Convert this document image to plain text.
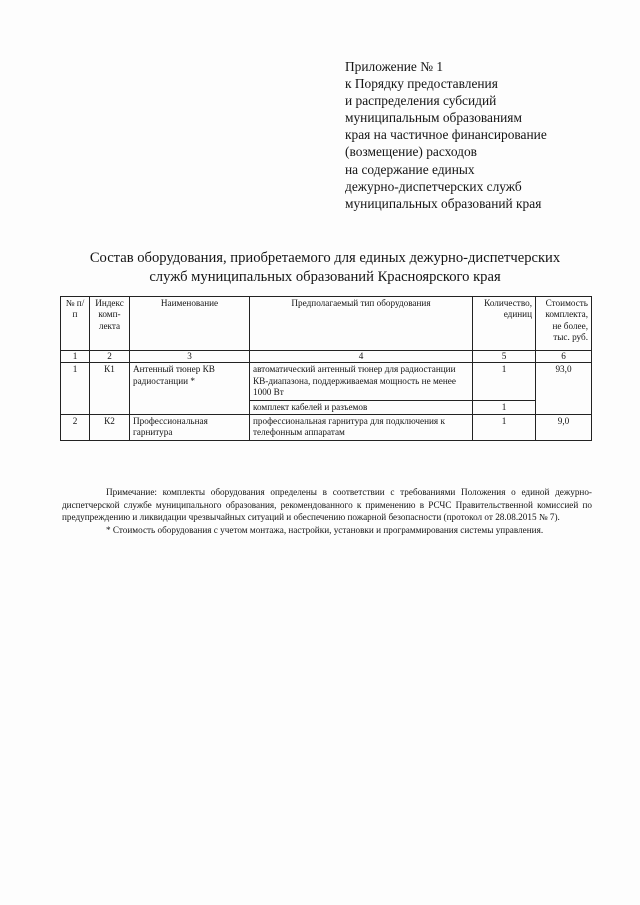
Приложение № 1
к Порядку предоставления
и распределения субсидий
муниципальным образованиям
края на частичное финансирование
(возмещение) расходов
на содержание единых
дежурно-диспетчерских служб
муниципальных образований края
Состав оборудования, приобретаемого для единых дежурно-диспетчерских
служб муниципальных образований Красноярского края
№ п/п	Индекс комп-лекта	Наименование	Предполагаемый тип оборудования	Количество, единиц	Стоимость комплекта, не более, тыс. руб.
1	2	3	4	5	6
1	К1	Антенный тюнер КВ радиостанции *	автоматический антенный тюнер для радиостанции КВ-диапазона, поддерживаемая мощность не менее 1000 Вт	1	93,0
			комплект кабелей и разъемов	1	
2	К2	Профессиональная гарнитура	профессиональная гарнитура для подключения к телефонным аппаратам	1	9,0

Примечание: комплекты оборудования определены в соответствии с требованиями Положения о единой дежурно-диспетчерской службе муниципального образования, рекомендованного к применению в РСЧС Правительственной комиссией по предупреждению и ликвидации чрезвычайных ситуаций и обеспечению пожарной безопасности (протокол от 28.08.2015 № 7).

* Стоимость оборудования с учетом монтажа, настройки, установки и программирования системы управления.
